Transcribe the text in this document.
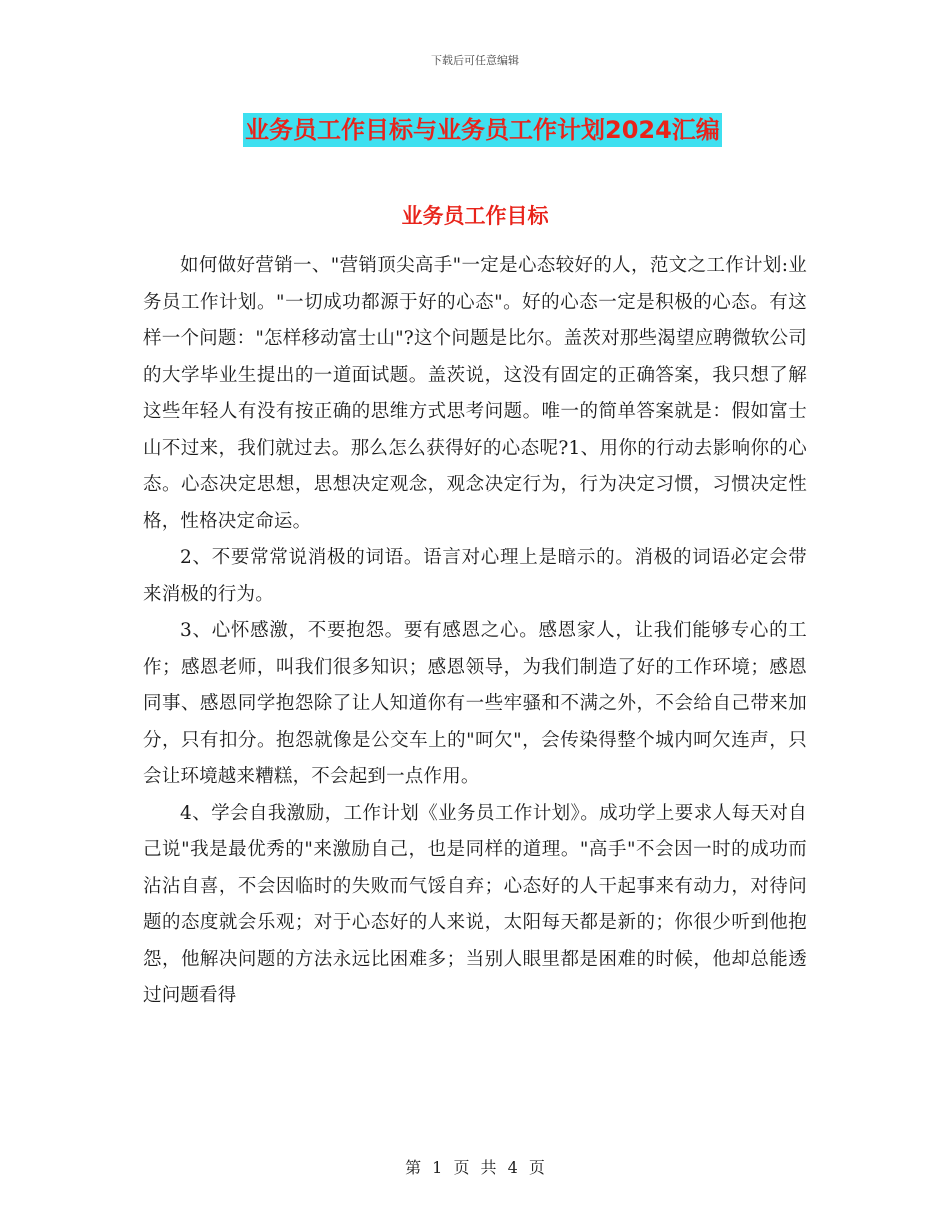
下载后可任意编辑
业务员工作目标与业务员工作计划2024汇编
业务员工作目标

如何做好营销一、"营销顶尖高手"一定是心态较好的人，范文之工作计划:业务员工作计划。"一切成功都源于好的心态"。好的心态一定是积极的心态。有这样一个问题："怎样移动富士山"?这个问题是比尔。盖茨对那些渴望应聘微软公司的大学毕业生提出的一道面试题。盖茨说，这没有固定的正确答案，我只想了解这些年轻人有没有按正确的思维方式思考问题。唯一的简单答案就是：假如富士山不过来，我们就过去。那么怎么获得好的心态呢?1、用你的行动去影响你的心态。心态决定思想，思想决定观念，观念决定行为，行为决定习惯，习惯决定性格，性格决定命运。

2、不要常常说消极的词语。语言对心理上是暗示的。消极的词语必定会带来消极的行为。

3、心怀感激，不要抱怨。要有感恩之心。感恩家人，让我们能够专心的工作；感恩老师，叫我们很多知识；感恩领导，为我们制造了好的工作环境；感恩同事、感恩同学抱怨除了让人知道你有一些牢骚和不满之外，不会给自己带来加分，只有扣分。抱怨就像是公交车上的"呵欠"，会传染得整个城内呵欠连声，只会让环境越来糟糕，不会起到一点作用。

4、学会自我激励，工作计划《业务员工作计划》。成功学上要求人每天对自己说"我是最优秀的"来激励自己，也是同样的道理。"高手"不会因一时的成功而沾沾自喜，不会因临时的失败而气馁自弃；心态好的人干起事来有动力，对待问题的态度就会乐观；对于心态好的人来说，太阳每天都是新的；你很少听到他抱怨，他解决问题的方法永远比困难多；当别人眼里都是困难的时候，他却总能透过问题看得

第 1 页 共 4 页
